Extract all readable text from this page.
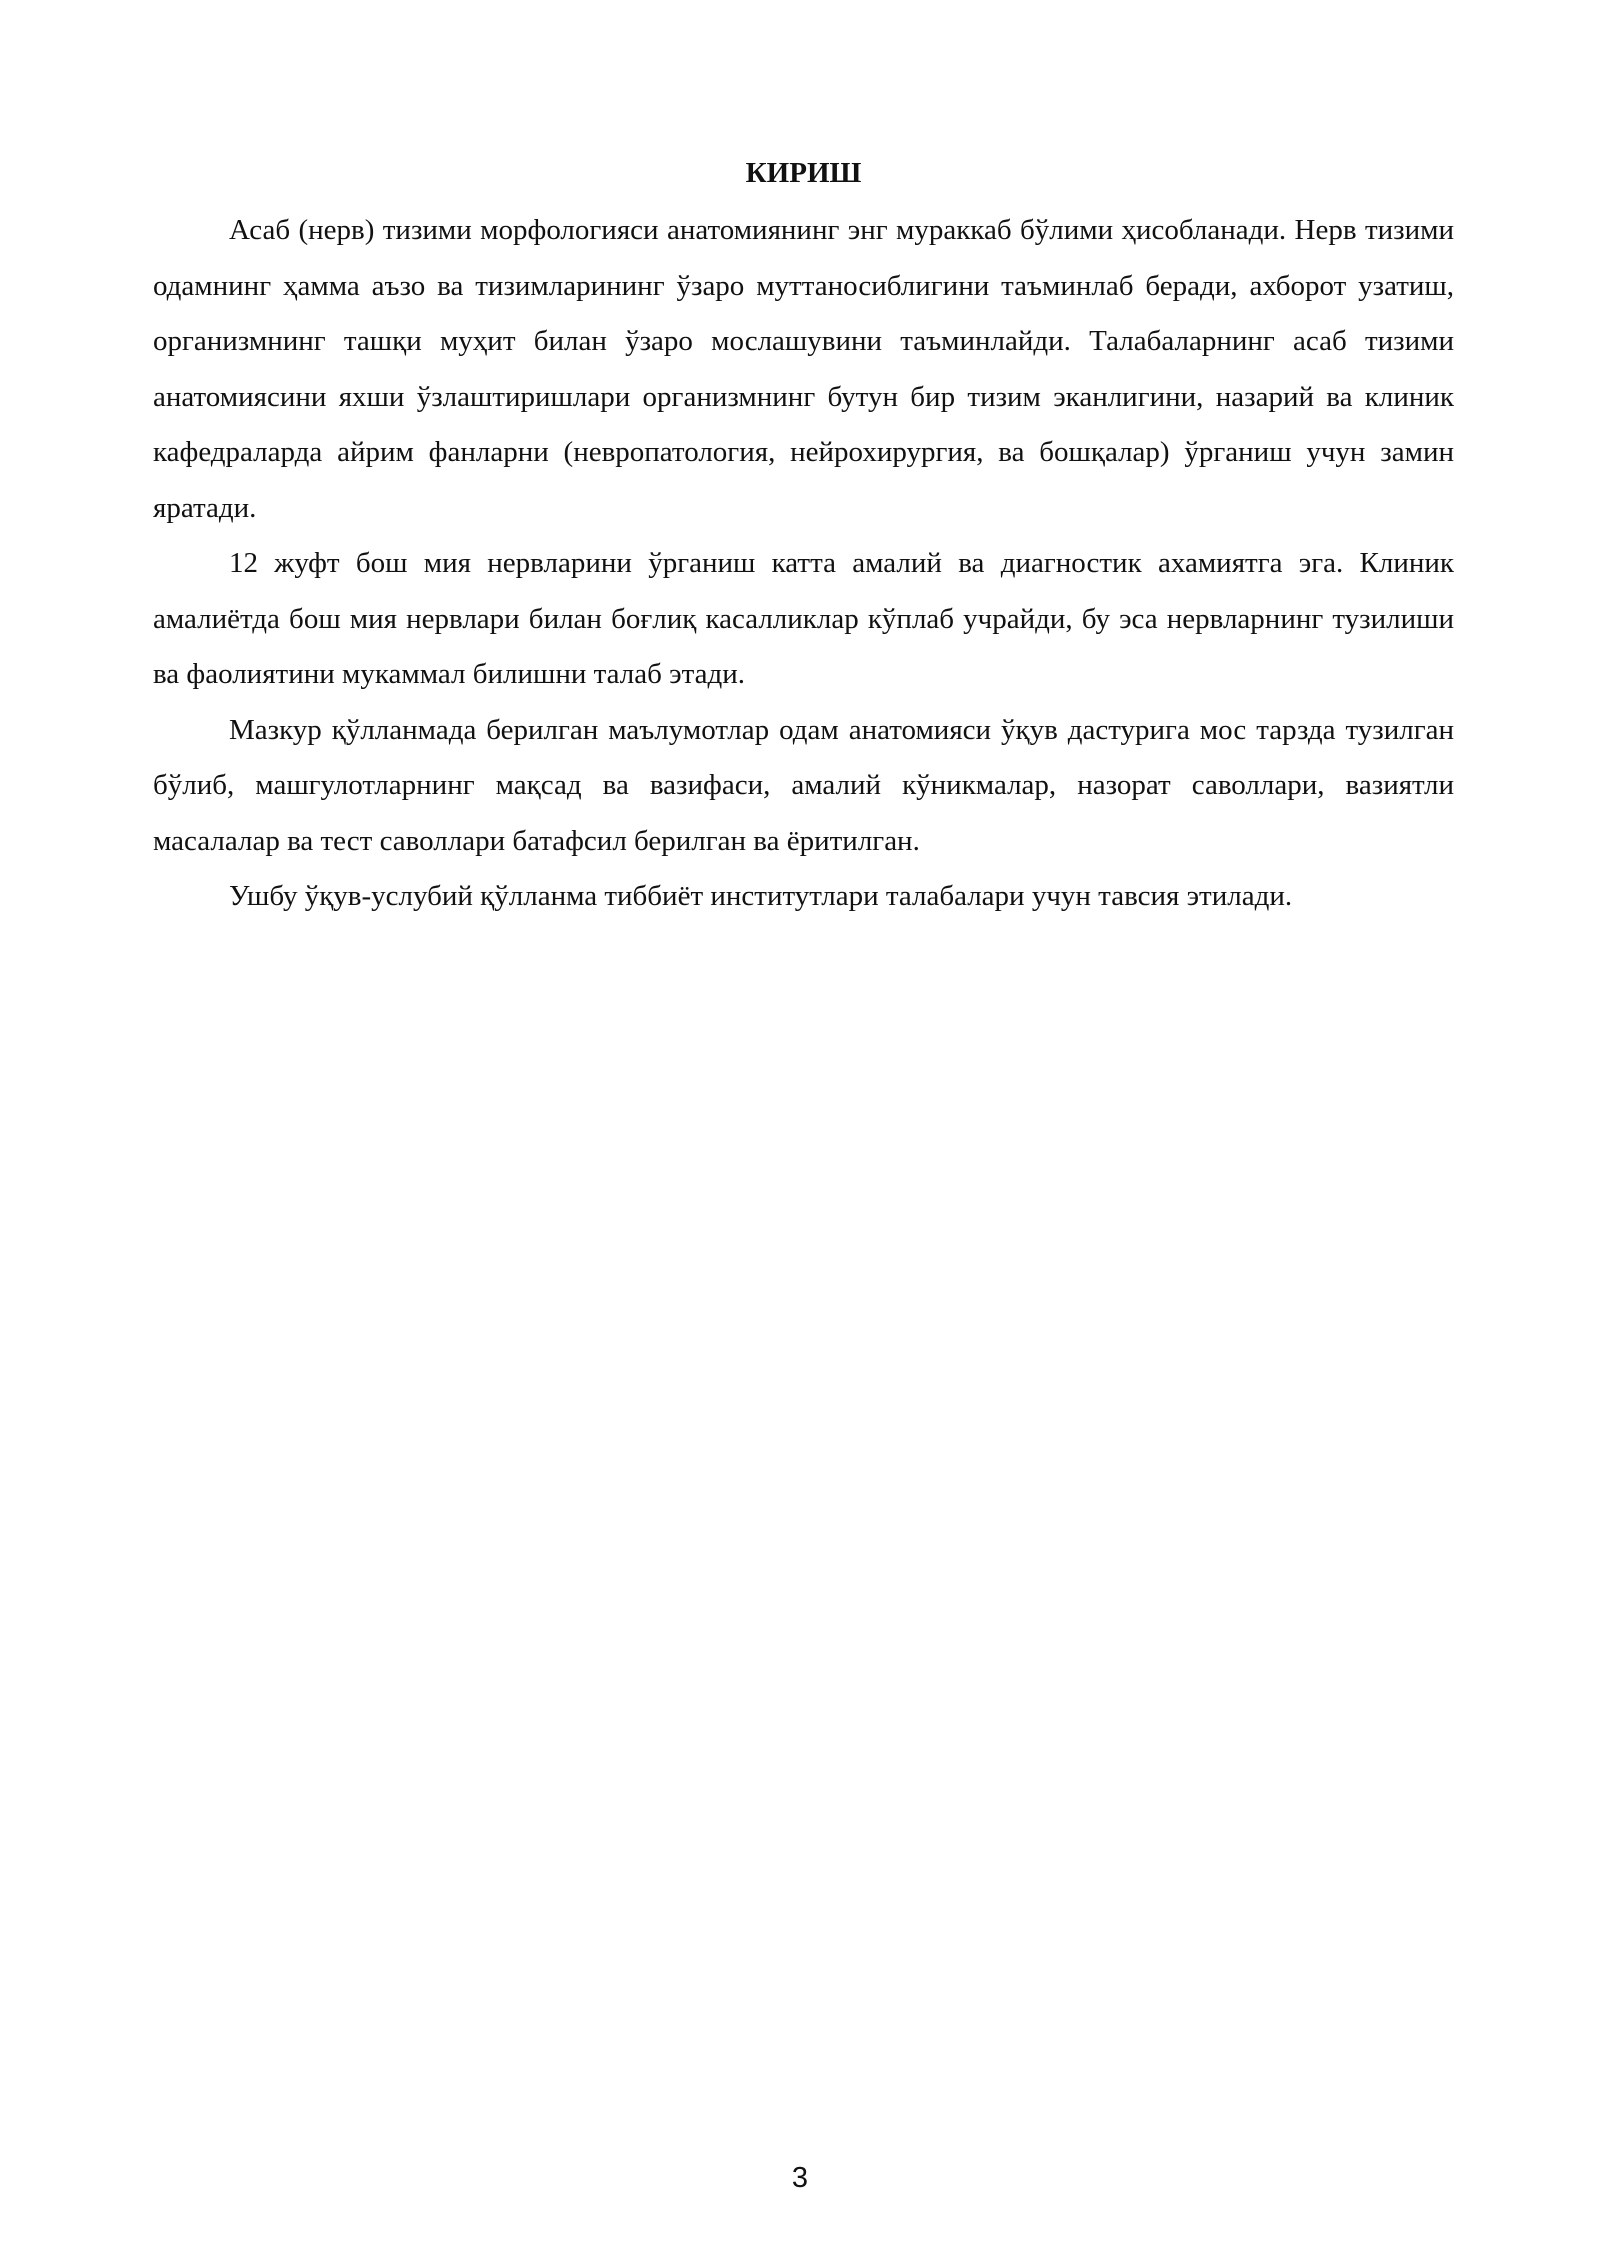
КИРИШ

Асаб (нерв) тизими морфологияси анатомиянинг энг мураккаб бўлими ҳисобланади. Нерв тизими одамнинг ҳамма аъзо ва тизимларининг ўзаро муттаносиблигини таъминлаб беради, ахборот узатиш, организмнинг ташқи муҳит билан ўзаро мослашувини таъминлайди. Талабаларнинг асаб тизими анатомиясини яхши ўзлаштиришлари организмнинг бутун бир тизим эканлигини, назарий ва клиник кафедраларда айрим фанларни (невропатология, нейрохирургия, ва бошқалар) ўрганиш учун замин яратади.

12 жуфт бош мия нервларини ўрганиш катта амалий ва диагностик ахамиятга эга. Клиник амалиётда бош мия нервлари билан боғлиқ касалликлар кўплаб учрайди, бу эса нервларнинг тузилиши ва фаолиятини мукаммал билишни талаб этади.

Мазкур қўлланмада берилган маълумотлар одам анатомияси ўқув дастурига мос тарзда тузилган бўлиб, машгулотларнинг мақсад ва вазифаси, амалий кўникмалар, назорат саволлари, вазиятли масалалар ва тест саволлари батафсил берилган ва ёритилган.

Ушбу ўқув-услубий қўлланма тиббиёт институтлари талабалари учун тавсия этилади.

3
